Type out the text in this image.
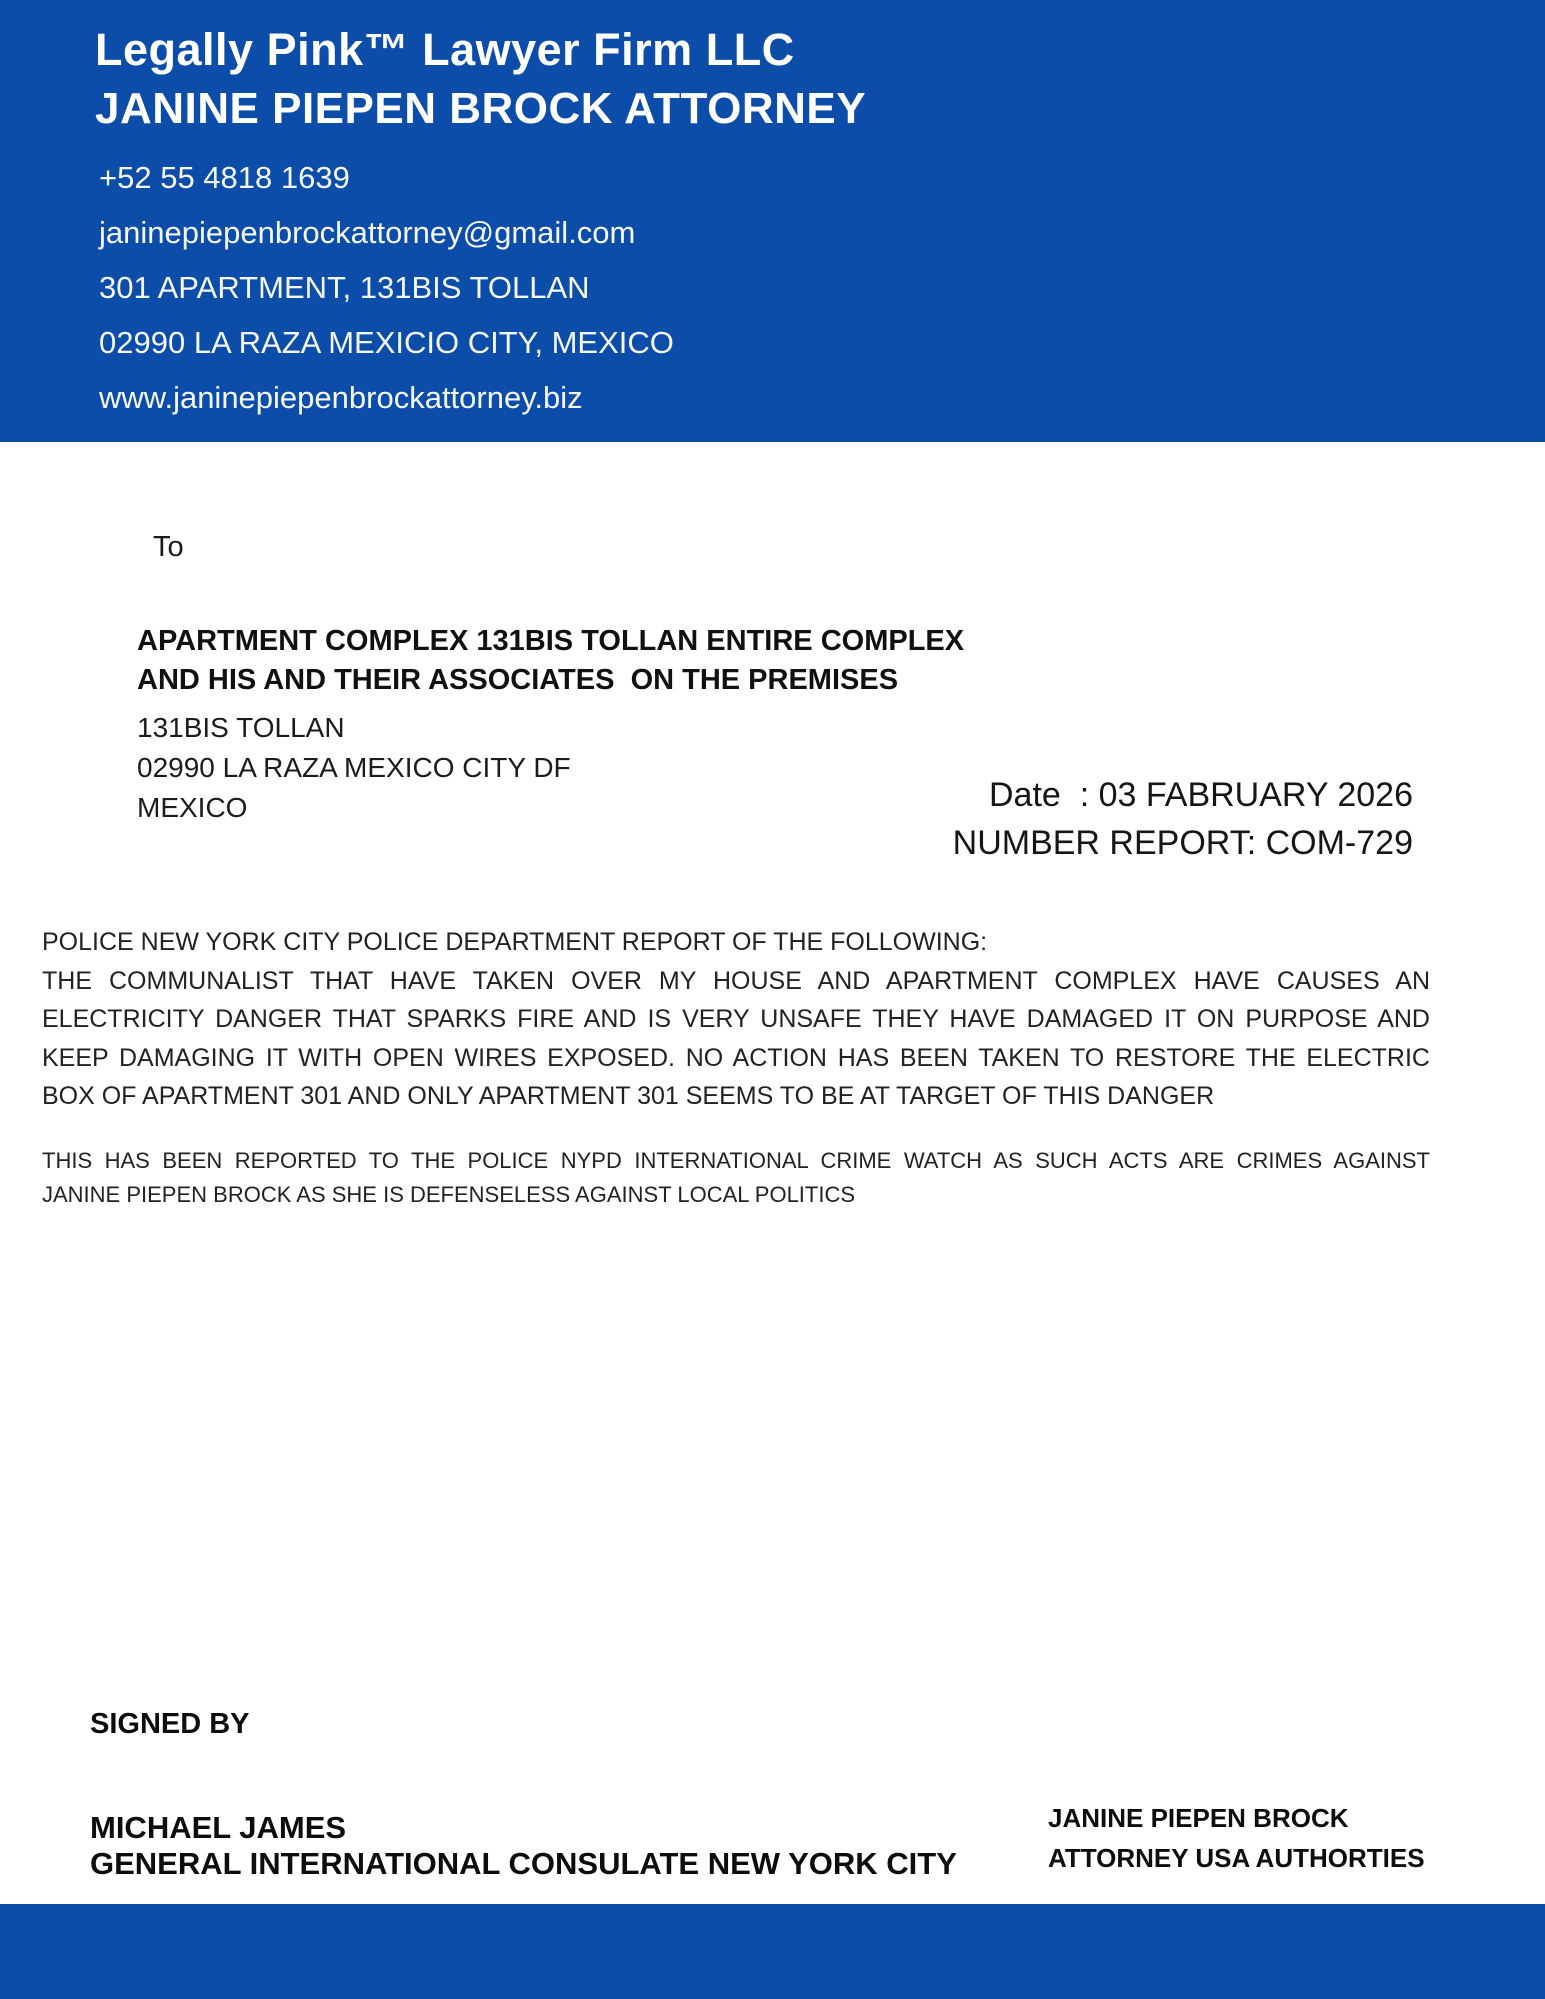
Legally Pink™ Lawyer Firm LLC
JANINE PIEPEN BROCK ATTORNEY
+52 55 4818 1639
janinepiepenbrockattorney@gmail.com
301 APARTMENT, 131BIS TOLLAN
02990 LA RAZA MEXICIO CITY, MEXICO
www.janinepiepenbrockattorney.biz
To
APARTMENT COMPLEX 131BIS TOLLAN ENTIRE COMPLEX
AND HIS AND THEIR ASSOCIATES  ON THE PREMISES
131BIS TOLLAN
02990 LA RAZA MEXICO CITY DF
MEXICO	Date  : 03 FABRUARY 2026
NUMBER REPORT: COM-729
POLICE NEW YORK CITY POLICE DEPARTMENT REPORT OF THE FOLLOWING:
THE COMMUNALIST THAT HAVE TAKEN OVER MY HOUSE AND APARTMENT COMPLEX HAVE CAUSES AN
ELECTRICITY DANGER THAT SPARKS FIRE AND IS VERY UNSAFE THEY HAVE DAMAGED IT ON PURPOSE AND
KEEP DAMAGING IT WITH OPEN WIRES EXPOSED. NO ACTION HAS BEEN TAKEN TO RESTORE THE ELECTRIC
BOX OF APARTMENT 301 AND ONLY APARTMENT 301 SEEMS TO BE AT TARGET OF THIS DANGER
THIS HAS BEEN REPORTED TO THE POLICE NYPD INTERNATIONAL CRIME WATCH AS SUCH ACTS ARE CRIMES AGAINST
JANINE PIEPEN BROCK AS SHE IS DEFENSELESS AGAINST LOCAL POLITICS
SIGNED BY
MICHAEL JAMES
GENERAL INTERNATIONAL CONSULATE NEW YORK CITY
JANINE PIEPEN BROCK
ATTORNEY USA AUTHORTIES
